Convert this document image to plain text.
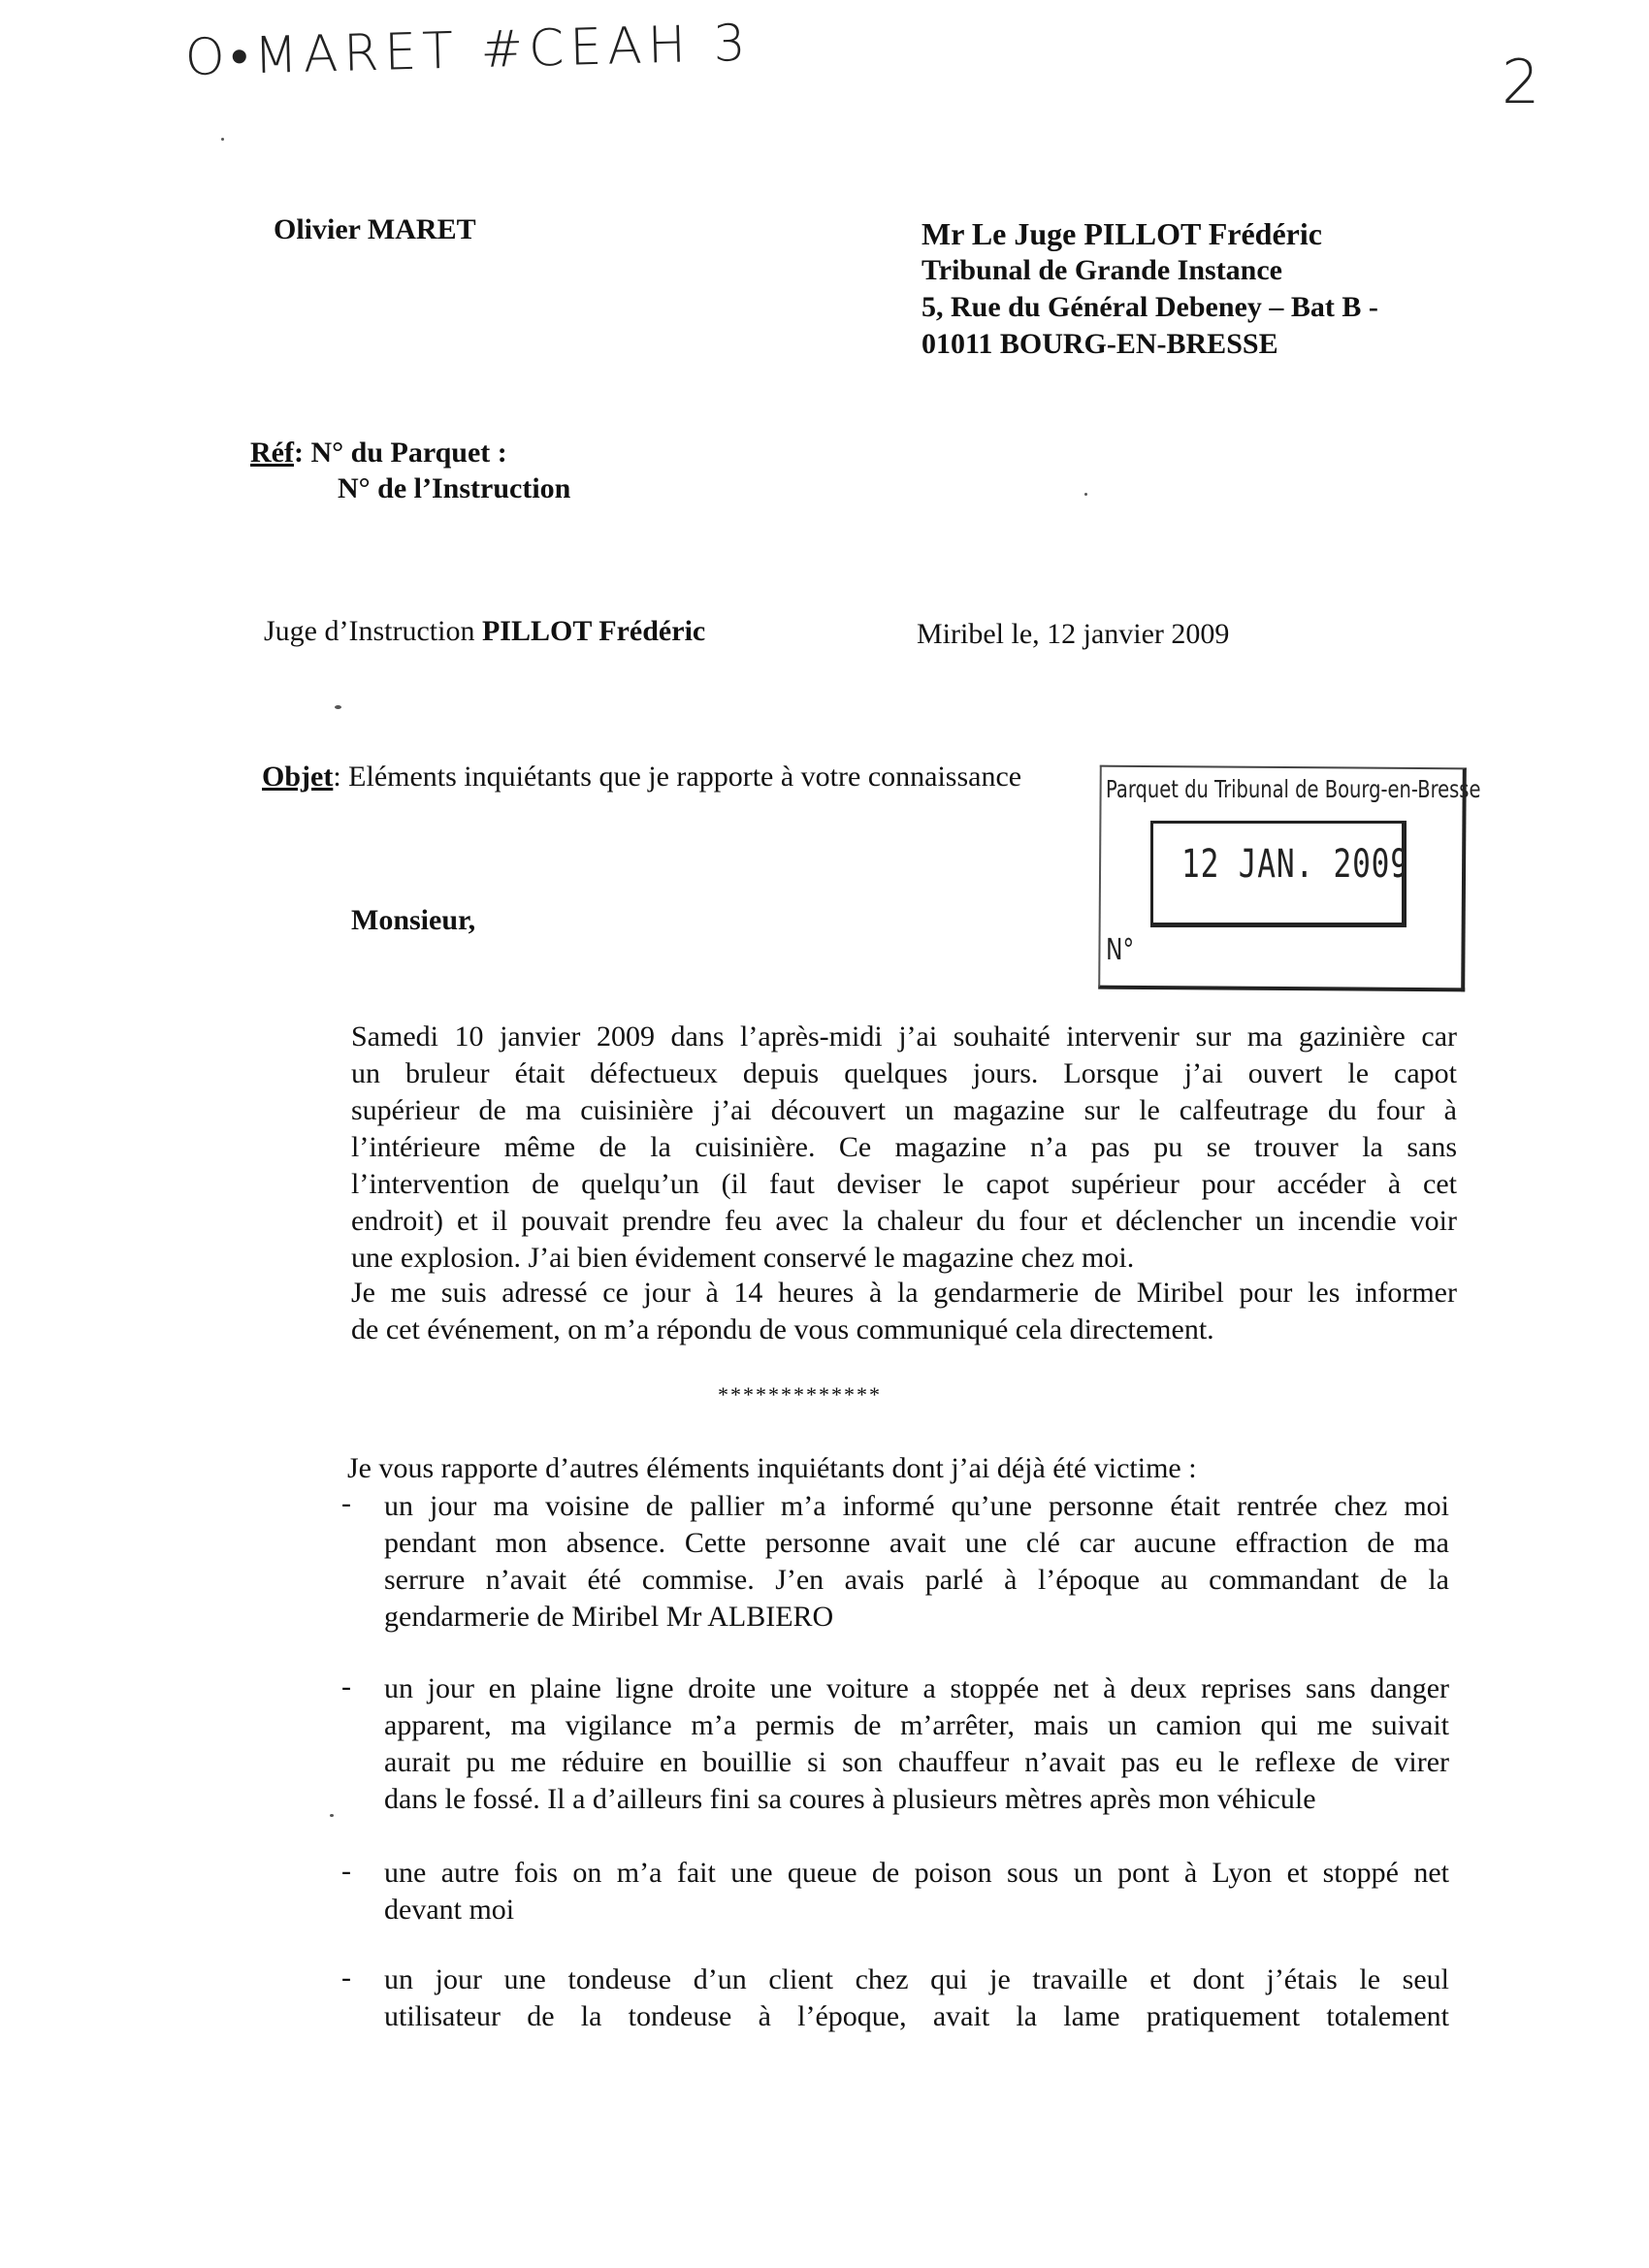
O•MARET #CEAH 3	2
Olivier MARET	Mr Le Juge PILLOT Frédéric
Tribunal de Grande Instance
5, Rue du Général Debeney – Bat B -
01011 BOURG-EN-BRESSE
Réf: N° du Parquet :
N° de l’Instruction
Juge d’Instruction PILLOT Frédéric	Miribel le, 12 janvier 2009
Objet: Eléments inquiétants que je rapporte à votre connaissance	Parquet du Tribunal de Bourg-en-Bresse
12 JAN. 2009
N°
Monsieur,
Samedi 10 janvier 2009 dans l’après-midi j’ai souhaité intervenir sur ma gazinière car
un bruleur était défectueux depuis quelques jours. Lorsque j’ai ouvert le capot
supérieur de ma cuisinière j’ai découvert un magazine sur le calfeutrage du four à
l’intérieure même de la cuisinière. Ce magazine n’a pas pu se trouver la sans
l’intervention de quelqu’un (il faut deviser le capot supérieur pour accéder à cet
endroit) et il pouvait prendre feu avec la chaleur du four et déclencher un incendie voir
une explosion. J’ai bien évidement conservé le magazine chez moi.
Je me suis adressé ce jour à 14 heures à la gendarmerie de Miribel pour les informer
de cet événement, on m’a répondu de vous communiqué cela directement.
*************
Je vous rapporte d’autres éléments inquiétants dont j’ai déjà été victime :
- un jour ma voisine de pallier m’a informé qu’une personne était rentrée chez moi
pendant mon absence. Cette personne avait une clé car aucune effraction de ma
serrure n’avait été commise. J’en avais parlé à l’époque au commandant de la
gendarmerie de Miribel Mr ALBIERO
- un jour en plaine ligne droite une voiture a stoppée net à deux reprises sans danger
apparent, ma vigilance m’a permis de m’arrêter, mais un camion qui me suivait
aurait pu me réduire en bouillie si son chauffeur n’avait pas eu le reflexe de virer
dans le fossé. Il a d’ailleurs fini sa coures à plusieurs mètres après mon véhicule
- une autre fois on m’a fait une queue de poison sous un pont à Lyon et stoppé net
devant moi
- un jour une tondeuse d’un client chez qui je travaille et dont j’étais le seul
utilisateur de la tondeuse à l’époque, avait la lame pratiquement totalement
